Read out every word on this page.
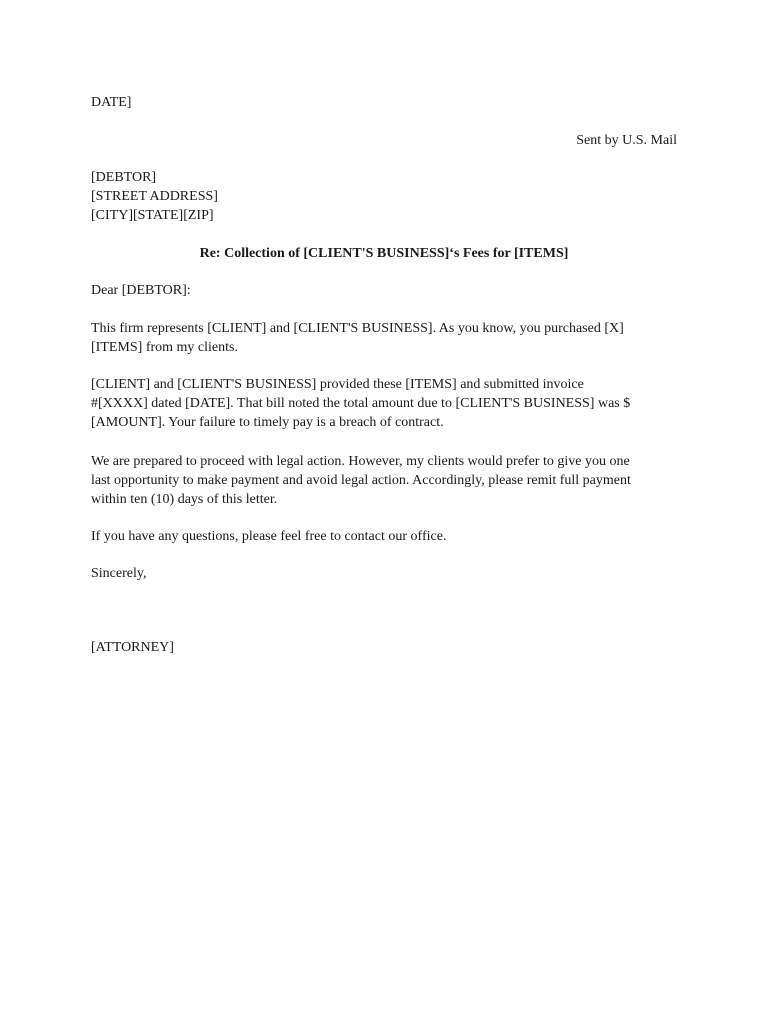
DATE]
Sent by U.S. Mail
[DEBTOR]
[STREET ADDRESS]
[CITY][STATE][ZIP]
Re: Collection of [CLIENT'S BUSINESS]‘s Fees for [ITEMS]
Dear [DEBTOR]:
This firm represents [CLIENT] and [CLIENT'S BUSINESS]. As you know, you purchased [X]
[ITEMS] from my clients.
[CLIENT] and [CLIENT'S BUSINESS] provided these [ITEMS] and submitted invoice
#[XXXX] dated [DATE]. That bill noted the total amount due to [CLIENT'S BUSINESS] was $
[AMOUNT]. Your failure to timely pay is a breach of contract.
We are prepared to proceed with legal action. However, my clients would prefer to give you one
last opportunity to make payment and avoid legal action. Accordingly, please remit full payment
within ten (10) days of this letter.
If you have any questions, please feel free to contact our office.
Sincerely,
[ATTORNEY]
